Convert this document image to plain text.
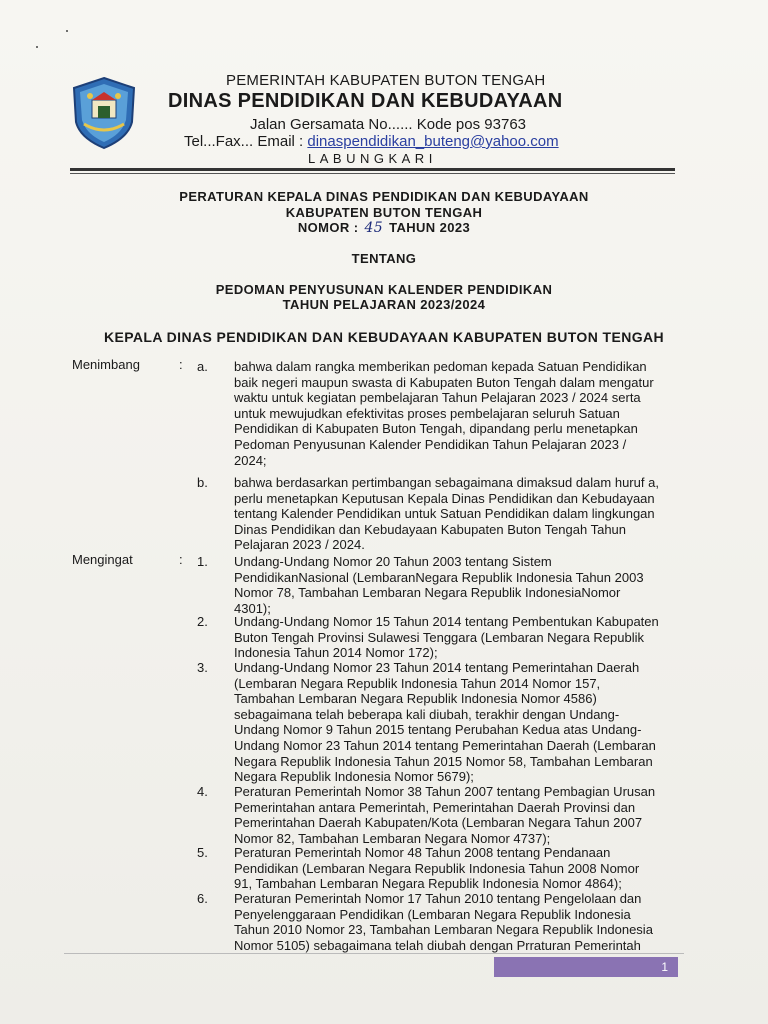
PEMERINTAH KABUPATEN BUTON TENGAH
DINAS PENDIDIKAN DAN KEBUDAYAAN
Jalan Gersamata No...... Kode pos 93763
Tel...Fax... Email : dinaspendidikan_buteng@yahoo.com
LABUNGKARI
PERATURAN KEPALA DINAS PENDIDIKAN DAN KEBUDAYAAN
KABUPATEN BUTON TENGAH
NOMOR : 45 TAHUN 2023
TENTANG
PEDOMAN PENYUSUNAN KALENDER PENDIDIKAN
TAHUN PELAJARAN 2023/2024
KEPALA DINAS PENDIDIKAN DAN KEBUDAYAAN KABUPATEN BUTON TENGAH
Menimbang	: a. bahwa dalam rangka memberikan pedoman kepada Satuan Pendidikan
baik negeri maupun swasta di Kabupaten Buton Tengah dalam mengatur
waktu untuk kegiatan pembelajaran Tahun Pelajaran 2023 / 2024 serta
untuk mewujudkan efektivitas proses pembelajaran seluruh Satuan
Pendidikan di Kabupaten Buton Tengah, dipandang perlu menetapkan
Pedoman Penyusunan Kalender Pendidikan Tahun Pelajaran 2023 /
2024;
b. bahwa berdasarkan pertimbangan sebagaimana dimaksud dalam huruf a,
perlu menetapkan Keputusan Kepala Dinas Pendidikan dan Kebudayaan
tentang Kalender Pendidikan untuk Satuan Pendidikan dalam lingkungan
Dinas Pendidikan dan Kebudayaan Kabupaten Buton Tengah Tahun
Pelajaran 2023 / 2024.
Mengingat	: 1. Undang-Undang Nomor 20 Tahun 2003 tentang Sistem
PendidikanNasional (LembaranNegara Republik Indonesia Tahun 2003
Nomor 78, Tambahan Lembaran Negara Republik IndonesiaNomor
4301);
2. Undang-Undang Nomor 15 Tahun 2014 tentang Pembentukan Kabupaten
Buton Tengah Provinsi Sulawesi Tenggara (Lembaran Negara Republik
Indonesia Tahun 2014 Nomor 172);
3. Undang-Undang Nomor 23 Tahun 2014 tentang Pemerintahan Daerah
(Lembaran Negara Republik Indonesia Tahun 2014 Nomor 157,
Tambahan Lembaran Negara Republik Indonesia Nomor 4586)
sebagaimana telah beberapa kali diubah, terakhir dengan Undang-
Undang Nomor 9 Tahun 2015 tentang Perubahan Kedua atas Undang-
Undang Nomor 23 Tahun 2014 tentang Pemerintahan Daerah (Lembaran
Negara Republik Indonesia Tahun 2015 Nomor 58, Tambahan Lembaran
Negara Republik Indonesia Nomor 5679);
4. Peraturan Pemerintah Nomor 38 Tahun 2007 tentang Pembagian Urusan
Pemerintahan antara Pemerintah, Pemerintahan Daerah Provinsi dan
Pemerintahan Daerah Kabupaten/Kota (Lembaran Negara Tahun 2007
Nomor 82, Tambahan Lembaran Negara Nomor 4737);
5. Peraturan Pemerintah Nomor 48 Tahun 2008 tentang Pendanaan
Pendidikan (Lembaran Negara Republik Indonesia Tahun 2008 Nomor
91, Tambahan Lembaran Negara Republik Indonesia Nomor 4864);
6. Peraturan Pemerintah Nomor 17 Tahun 2010 tentang Pengelolaan dan
Penyelenggaraan Pendidikan (Lembaran Negara Republik Indonesia
Tahun 2010 Nomor 23, Tambahan Lembaran Negara Republik Indonesia
Nomor 5105) sebagaimana telah diubah dengan Prraturan Pemerintah
1
